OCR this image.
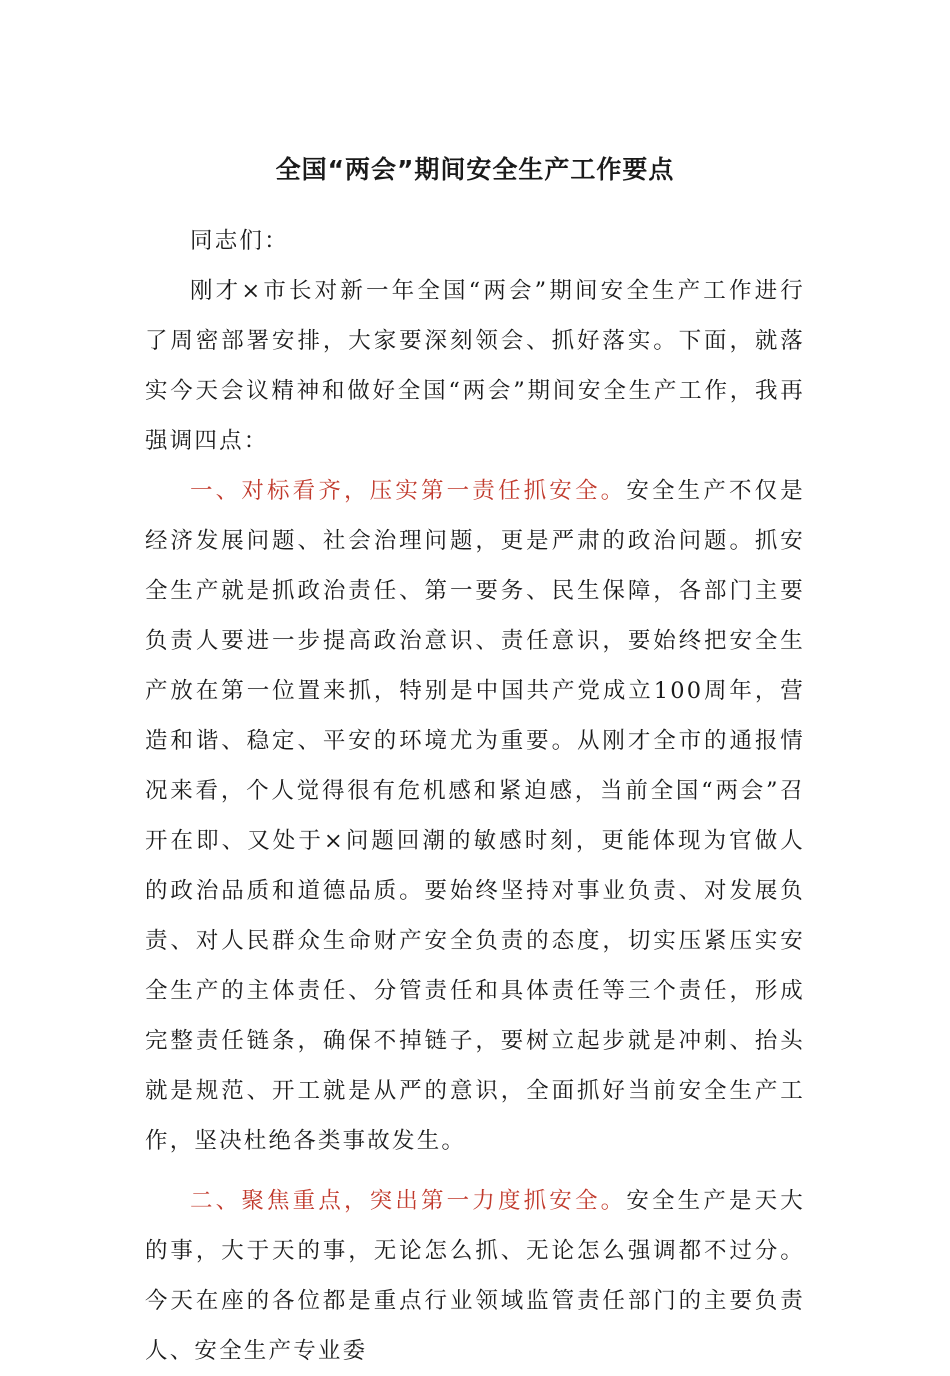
全国“两会”期间安全生产工作要点

同志们：

刚才×市长对新一年全国“两会”期间安全生产工作进行了周密部署安排，大家要深刻领会、抓好落实。下面，就落实今天会议精神和做好全国“两会”期间安全生产工作，我再强调四点：

一、对标看齐，压实第一责任抓安全。安全生产不仅是经济发展问题、社会治理问题，更是严肃的政治问题。抓安全生产就是抓政治责任、第一要务、民生保障，各部门主要负责人要进一步提高政治意识、责任意识，要始终把安全生产放在第一位置来抓，特别是中国共产党成立100周年，营造和谐、稳定、平安的环境尤为重要。从刚才全市的通报情况来看，个人觉得很有危机感和紧迫感，当前全国“两会”召开在即、又处于×问题回潮的敏感时刻，更能体现为官做人的政治品质和道德品质。要始终坚持对事业负责、对发展负责、对人民群众生命财产安全负责的态度，切实压紧压实安全生产的主体责任、分管责任和具体责任等三个责任，形成完整责任链条，确保不掉链子，要树立起步就是冲刺、抬头就是规范、开工就是从严的意识，全面抓好当前安全生产工作，坚决杜绝各类事故发生。

二、聚焦重点，突出第一力度抓安全。安全生产是天大的事，大于天的事，无论怎么抓、无论怎么强调都不过分。今天在座的各位都是重点行业领域监管责任部门的主要负责人、安全生产专业委
